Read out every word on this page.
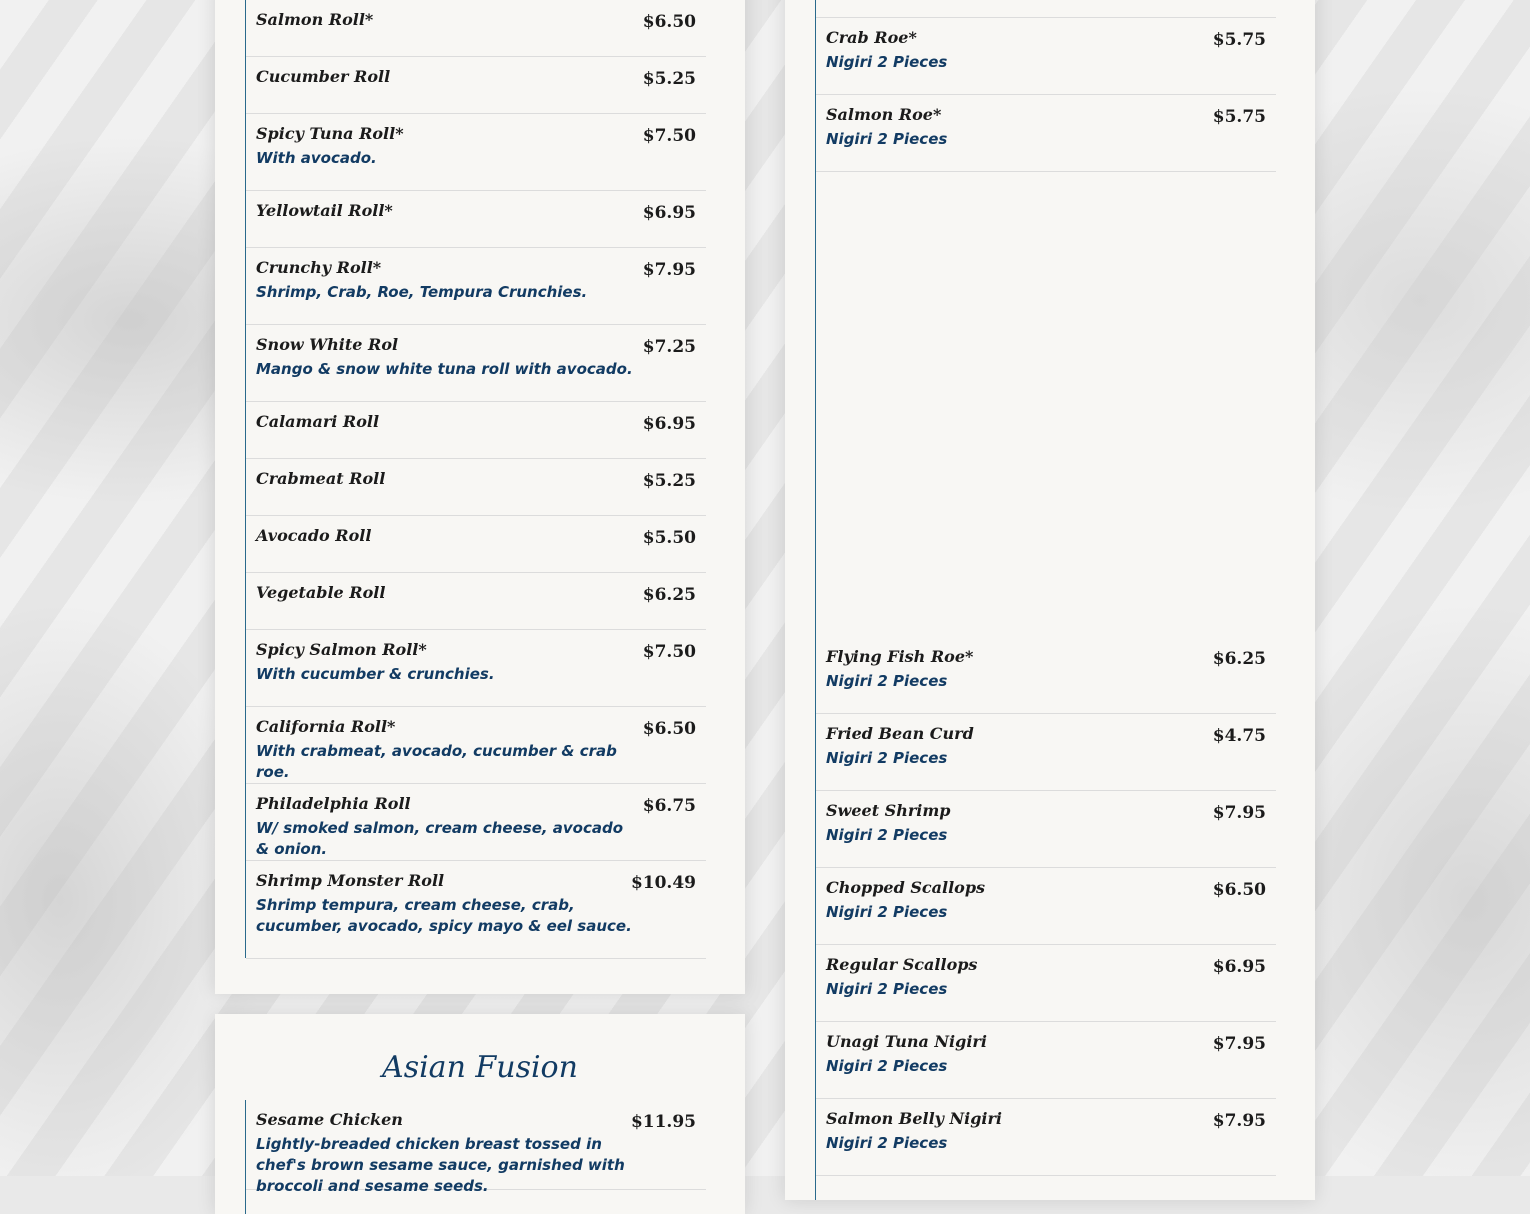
Salmon Roll*	$6.50
Cucumber Roll	$5.25
Spicy Tuna Roll*	$7.50
With avocado.
Yellowtail Roll*	$6.95
Crunchy Roll*	$7.95
Shrimp, Crab, Roe, Tempura Crunchies.
Snow White Rol	$7.25
Mango & snow white tuna roll with avocado.
Calamari Roll	$6.95
Crabmeat Roll	$5.25
Avocado Roll	$5.50
Vegetable Roll	$6.25
Spicy Salmon Roll*	$7.50
With cucumber & crunchies.
California Roll*	$6.50
With crabmeat, avocado, cucumber & crab roe.
Philadelphia Roll	$6.75
W/ smoked salmon, cream cheese, avocado & onion.
Shrimp Monster Roll	$10.49
Shrimp tempura, cream cheese, crab, cucumber, avocado, spicy mayo & eel sauce.
Asian Fusion
Sesame Chicken	$11.95
Lightly-breaded chicken breast tossed in chef's brown sesame sauce, garnished with broccoli and sesame seeds.
Crab Roe*	$5.75
Nigiri 2 Pieces
Salmon Roe*	$5.75
Nigiri 2 Pieces
Flying Fish Roe*	$6.25
Nigiri 2 Pieces
Fried Bean Curd	$4.75
Nigiri 2 Pieces
Sweet Shrimp	$7.95
Nigiri 2 Pieces
Chopped Scallops	$6.50
Nigiri 2 Pieces
Regular Scallops	$6.95
Nigiri 2 Pieces
Unagi Tuna Nigiri	$7.95
Nigiri 2 Pieces
Salmon Belly Nigiri	$7.95
Nigiri 2 Pieces
